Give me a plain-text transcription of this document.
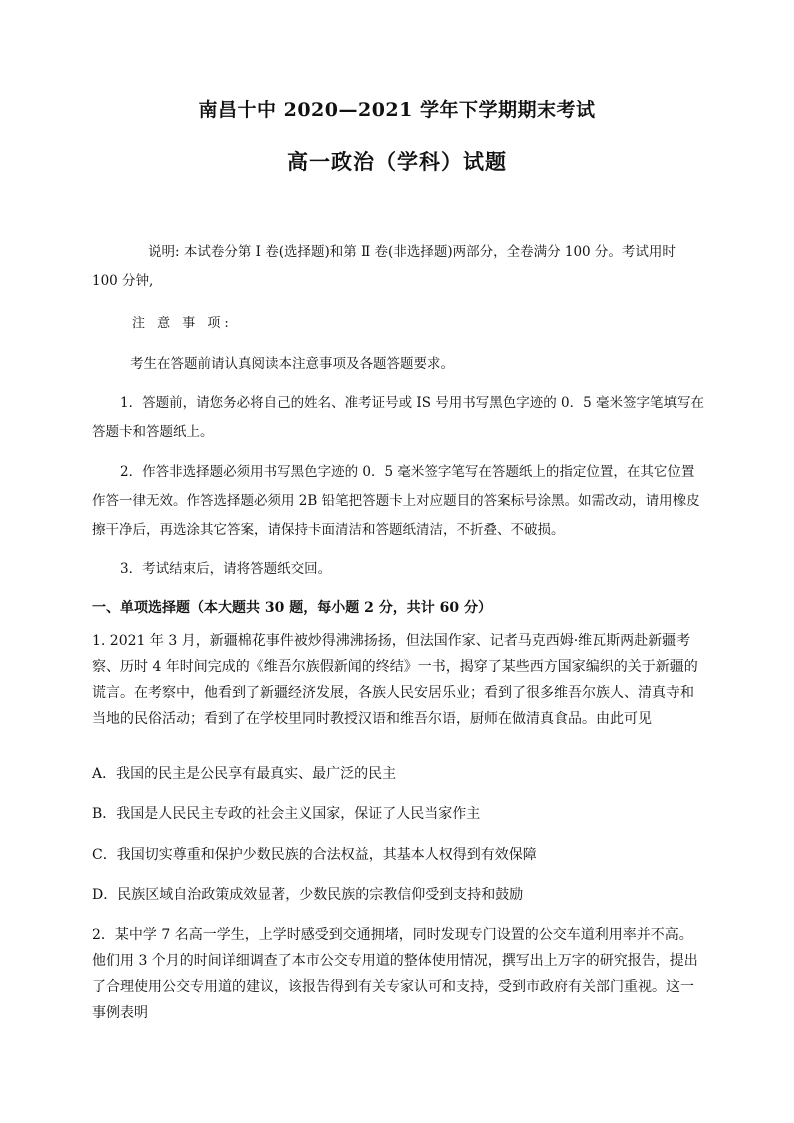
南昌十中 2020—2021 学年下学期期末考试
高一政治（学科）试题
说明: 本试卷分第 Ⅰ 卷(选择题)和第 Ⅱ 卷(非选择题)两部分，全卷满分 100 分。考试用时 100 分钟,
注 意 事 项:
考生在答题前请认真阅读本注意事项及各题答题要求。
1．答题前，请您务必将自己的姓名、准考证号或 IS 号用书写黑色字迹的 0．5 毫米签字笔填写在答题卡和答题纸上。
2．作答非选择题必须用书写黑色字迹的 0．5 毫米签字笔写在答题纸上的指定位置，在其它位置作答一律无效。作答选择题必须用 2B 铅笔把答题卡上对应题目的答案标号涂黑。如需改动，请用橡皮擦干净后，再选涂其它答案，请保持卡面清洁和答题纸清洁，不折叠、不破损。
3．考试结束后，请将答题纸交回。
一、单项选择题（本大题共 30 题，每小题 2 分，共计 60 分）
1. 2021 年 3 月，新疆棉花事件被炒得沸沸扬扬，但法国作家、记者马克西姆·维瓦斯两赴新疆考察、历时 4 年时间完成的《维吾尔族假新闻的终结》一书，揭穿了某些西方国家编织的关于新疆的谎言。在考察中，他看到了新疆经济发展，各族人民安居乐业；看到了很多维吾尔族人、清真寺和当地的民俗活动；看到了在学校里同时教授汉语和维吾尔语，厨师在做清真食品。由此可见
A．我国的民主是公民享有最真实、最广泛的民主
B．我国是人民民主专政的社会主义国家，保证了人民当家作主
C．我国切实尊重和保护少数民族的合法权益，其基本人权得到有效保障
D．民族区域自治政策成效显著，少数民族的宗教信仰受到支持和鼓励
2．某中学 7 名高一学生，上学时感受到交通拥堵，同时发现专门设置的公交车道利用率并不高。他们用 3 个月的时间详细调查了本市公交专用道的整体使用情况，撰写出上万字的研究报告，提出了合理使用公交专用道的建议，该报告得到有关专家认可和支持，受到市政府有关部门重视。这一事例表明
